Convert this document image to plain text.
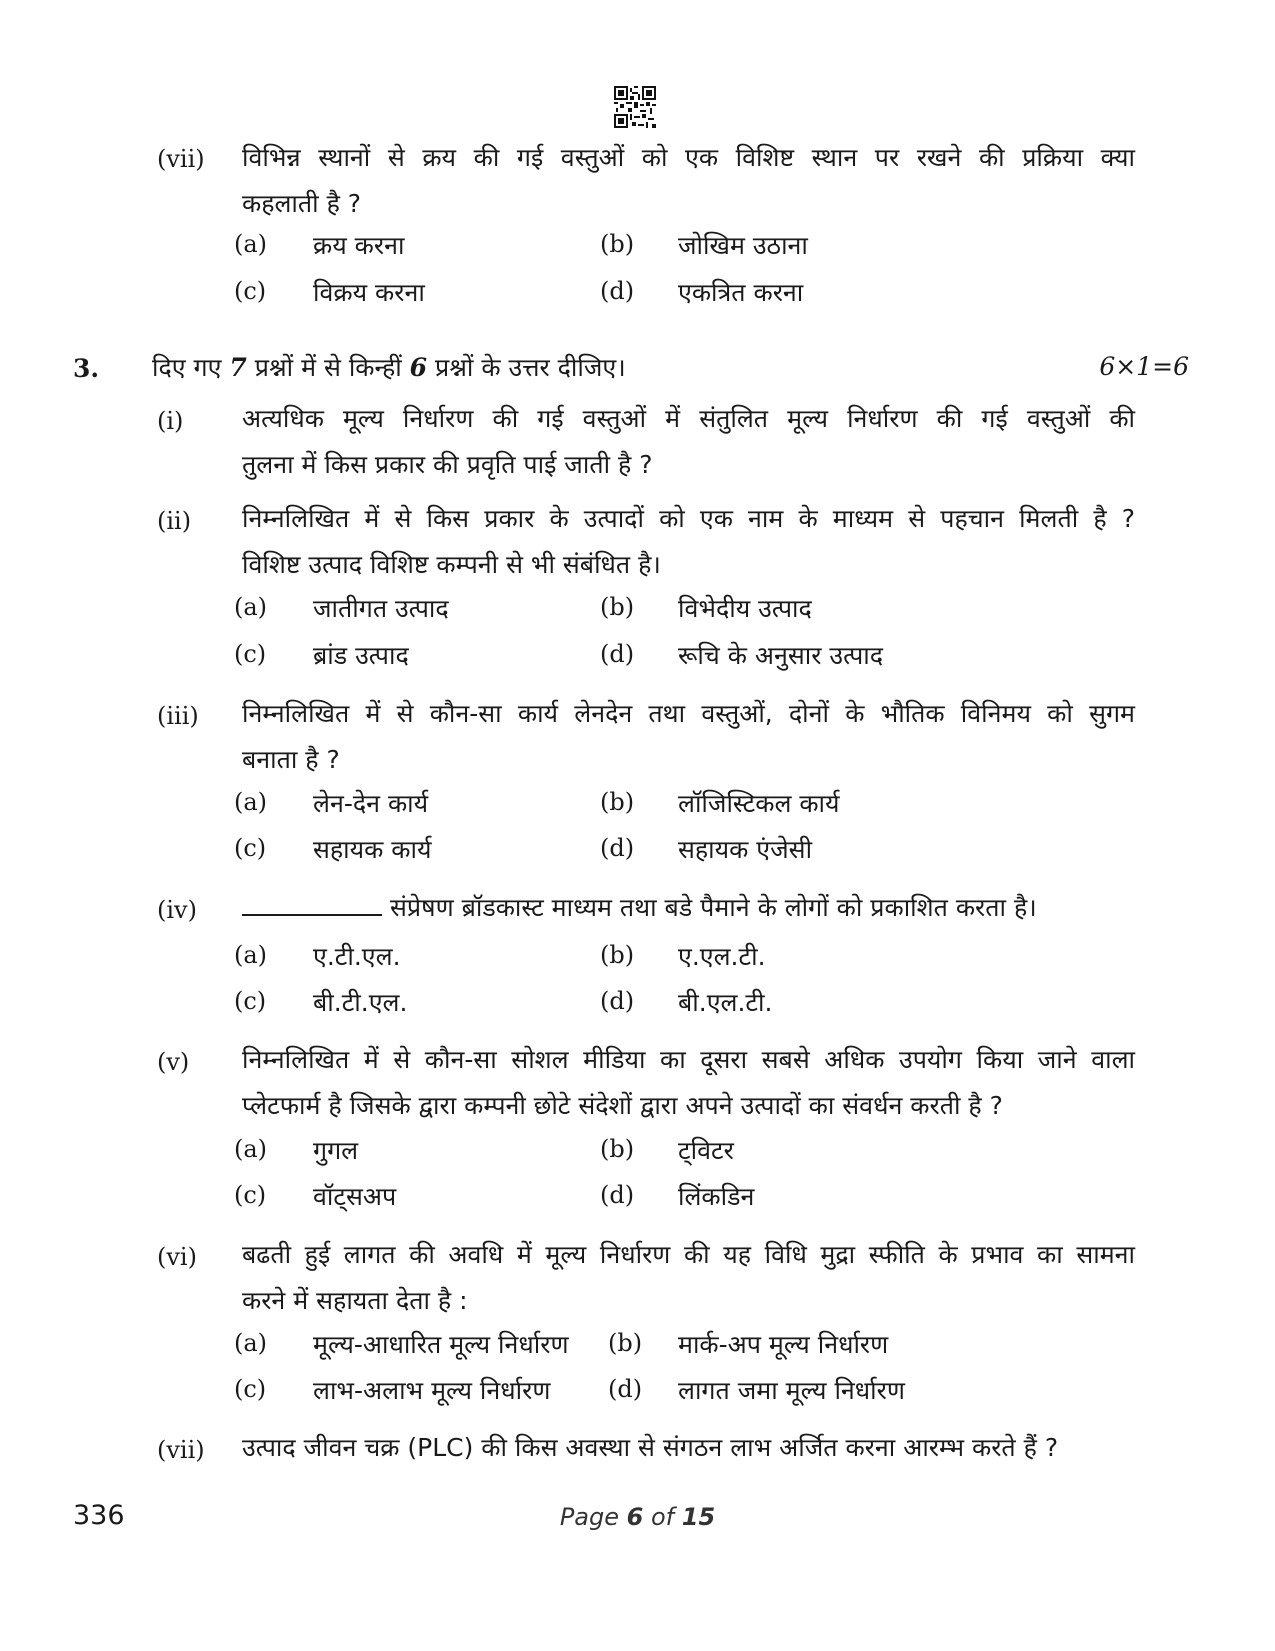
(vii)	विभिन्न स्थानों से क्रय की गई वस्तुओं को एक विशिष्ट स्थान पर रखने की प्रक्रिया क्या
कहलाती है ?
(a) क्रय करना	(b) जोखिम उठाना
(c) विक्रय करना	(d) एकत्रित करना
3. दिए गए 7 प्रश्नों में से किन्हीं 6 प्रश्नों के उत्तर दीजिए।	6×1=6
(i)	अत्यधिक मूल्य निर्धारण की गई वस्तुओं में संतुलित मूल्य निर्धारण की गई वस्तुओं की
तुलना में किस प्रकार की प्रवृति पाई जाती है ?
(ii)	निम्नलिखित में से किस प्रकार के उत्पादों को एक नाम के माध्यम से पहचान मिलती है ?
विशिष्ट उत्पाद विशिष्ट कम्पनी से भी संबंधित है।
(a) जातीगत उत्पाद	(b) विभेदीय उत्पाद
(c) ब्रांड उत्पाद	(d) रूचि के अनुसार उत्पाद
(iii)	निम्नलिखित में से कौन-सा कार्य लेनदेन तथा वस्तुओं, दोनों के भौतिक विनिमय को सुगम
बनाता है ?
(a) लेन-देन कार्य	(b) लॉजिस्टिकल कार्य
(c) सहायक कार्य	(d) सहायक एंजेसी
(iv)	संप्रेषण ब्रॉडकास्ट माध्यम तथा बडे पैमाने के लोगों को प्रकाशित करता है।
(a) ए.टी.एल.	(b) ए.एल.टी.
(c) बी.टी.एल.	(d) बी.एल.टी.
(v)	निम्नलिखित में से कौन-सा सोशल मीडिया का दूसरा सबसे अधिक उपयोग किया जाने वाला
प्लेटफार्म है जिसके द्वारा कम्पनी छोटे संदेशों द्वारा अपने उत्पादों का संवर्धन करती है ?
(a) गुगल	(b) ट्विटर
(c) वॉट्सअप	(d) लिंकडिन
(vi)	बढती हुई लागत की अवधि में मूल्य निर्धारण की यह विधि मुद्रा स्फीति के प्रभाव का सामना
करने में सहायता देता है :
(a) मूल्य-आधारित मूल्य निर्धारण (b) मार्क-अप मूल्य निर्धारण
(c) लाभ-अलाभ मूल्य निर्धारण (d) लागत जमा मूल्य निर्धारण
(vii)	उत्पाद जीवन चक्र (PLC) की किस अवस्था से संगठन लाभ अर्जित करना आरम्भ करते हैं ?
336	Page 6 of 15
